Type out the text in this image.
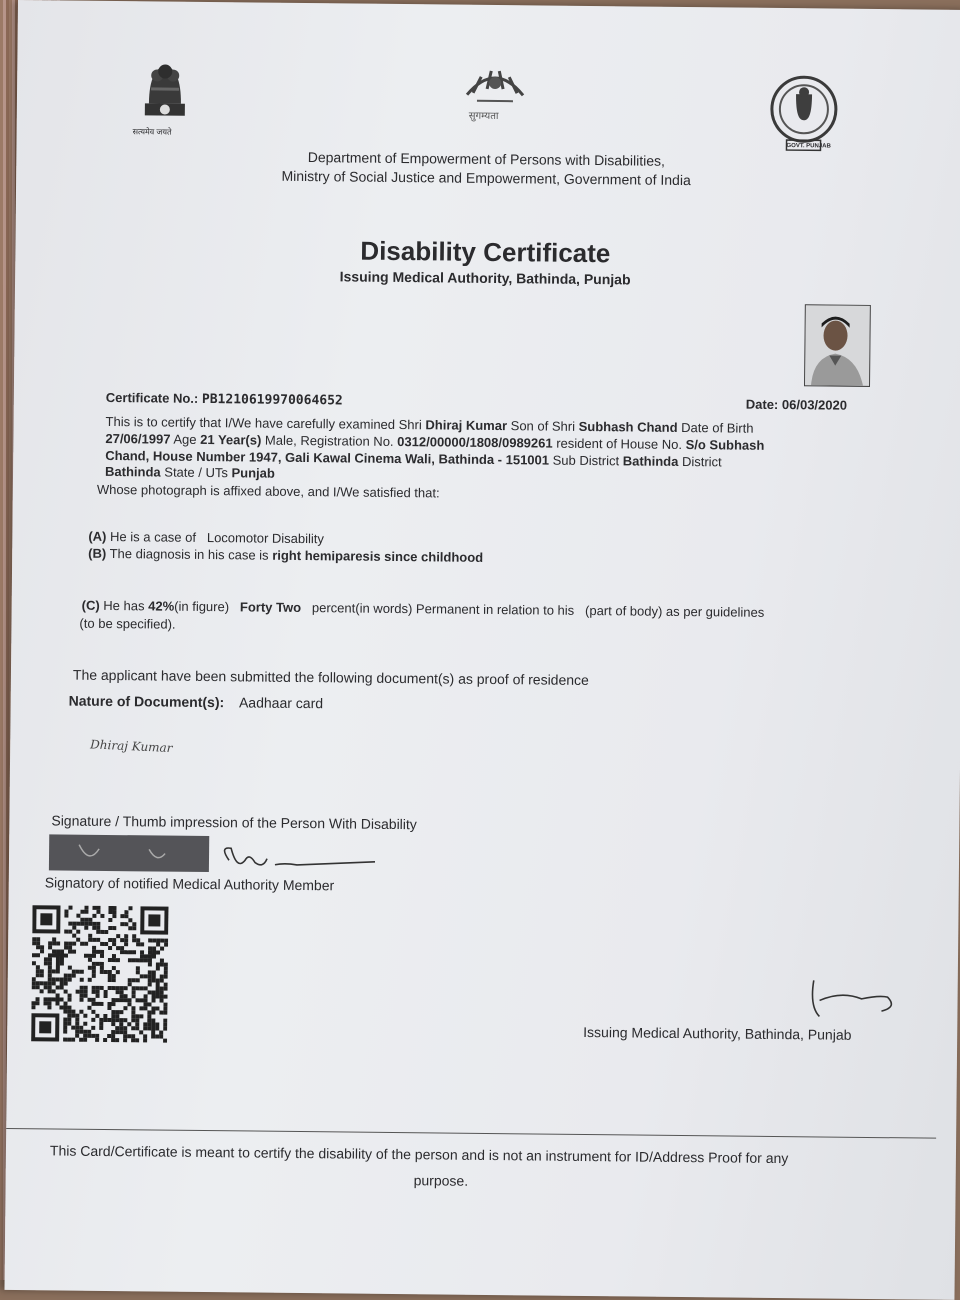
सत्यमेव जयते
सुगम्यता
GOVT. PUNJAB
Department of Empowerment of Persons with Disabilities,
Ministry of Social Justice and Empowerment, Government of India
Disability Certificate
Issuing Medical Authority, Bathinda, Punjab
Certificate No.: PB1210619970064652	Date: 06/03/2020
This is to certify that I/We have carefully examined Shri Dhiraj Kumar Son of Shri Subhash Chand Date of Birth
27/06/1997 Age 21 Year(s) Male, Registration No. 0312/00000/1808/0989261 resident of House No. S/o Subhash
Chand, House Number 1947, Gali Kawal Cinema Wali, Bathinda - 151001 Sub District Bathinda District
Bathinda State / UTs Punjab
Whose photograph is affixed above, and I/We satisfied that:
(A) He is a case of Locomotor Disability
(B) The diagnosis in his case is right hemiparesis since childhood
(C) He has 42%(in figure) Forty Two percent(in words) Permanent in relation to his (part of body) as per guidelines
(to be specified).
The applicant have been submitted the following document(s) as proof of residence
Nature of Document(s): Aadhaar card
Dhiraj Kumar
Signature / Thumb impression of the Person With Disability
Signatory of notified Medical Authority Member
Issuing Medical Authority, Bathinda, Punjab
This Card/Certificate is meant to certify the disability of the person and is not an instrument for ID/Address Proof for any
purpose.
